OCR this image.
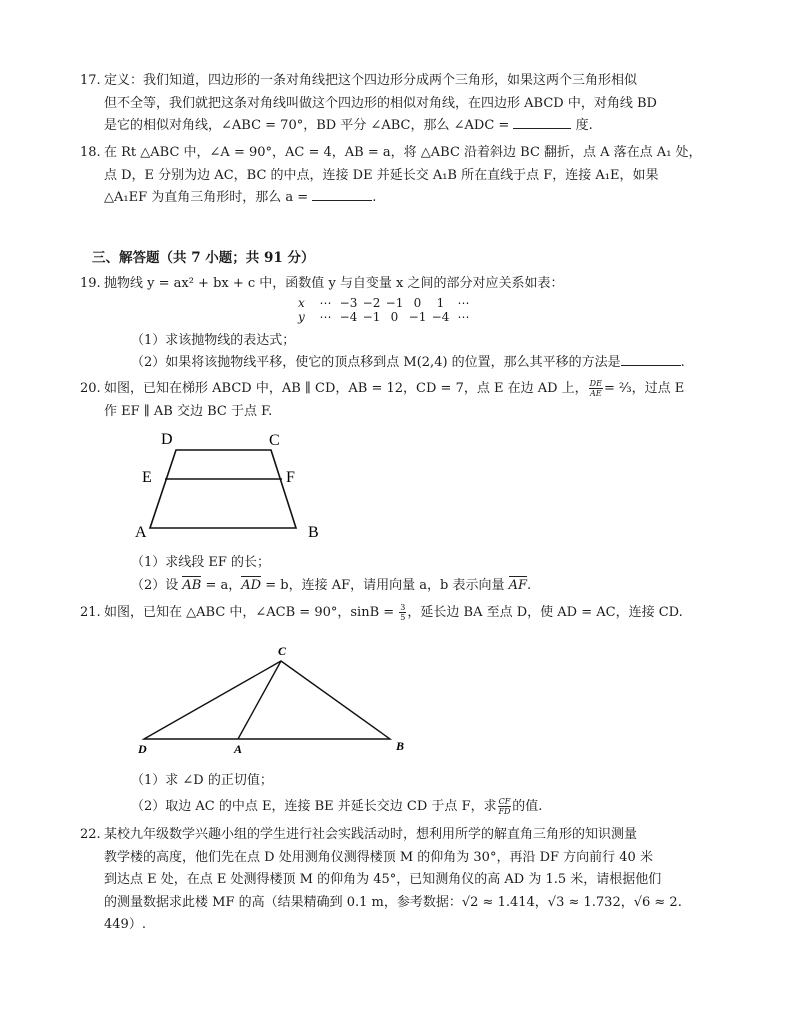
17. 定义：我们知道，四边形的一条对角线把这个四边形分成两个三角形，如果这两个三角形相似
但不全等，我们就把这条对角线叫做这个四边形的相似对角线，在四边形 ABCD 中，对角线 BD
是它的相似对角线，∠ABC = 70°，BD 平分 ∠ABC，那么 ∠ADC =	度.
18. 在 Rt △ABC 中，∠A = 90°，AC = 4，AB = a，将 △ABC 沿着斜边 BC 翻折，点 A 落在点 A₁ 处，
点 D，E 分别为边 AC，BC 的中点，连接 DE 并延长交 A₁B 所在直线于点 F，连接 A₁E，如果
△A₁EF 为直角三角形时，那么 a =	.
三、解答题（共 7 小题；共 91 分）
19. 抛物线 y = ax² + bx + c 中，函数值 y 与自变量 x 之间的部分对应关系如表：
x	⋯ −3 −2 −1 0	1	⋯
y	⋯ −4 −1 0 −1 −4 ⋯
（1）求该抛物线的表达式；
（2）如果将该抛物线平移，使它的顶点移到点 M(2,4) 的位置，那么其平移的方法是	.
20. 如图，已知在梯形 ABCD 中，AB ∥ CD，AB = 12，CD = 7，点 E 在边 AD 上， $\frac{DE}{AE}$ = ²⁄₃，过点 E
作 EF ∥ AB 交边 BC 于点 F.
D	C
E	F
A	B
（1）求线段 EF 的长；
（2）设 AB = a，AD = b，连接 AF，请用向量 a，b 表示向量 AF.
21. 如图，已知在 △ABC 中，∠ACB = 90°，$\sin B = \frac{3}{5}$ ，延长边 BA 至点 D，使 AD = AC，连接 CD.
C
D	A	B
（1）求 ∠D 的正切值；
（2）取边 AC 的中点 E，连接 BE 并延长交边 CD 于点 F，求 $\frac{CF}{FD}$ 的值.
22. 某校九年级数学兴趣小组的学生进行社会实践活动时，想利用所学的解直角三角形的知识测量
教学楼的高度，他们先在点 D 处用测角仪测得楼顶 M 的仰角为 30°，再沿 DF 方向前行 40 米
到达点 E 处，在点 E 处测得楼顶 M 的仰角为 45°，已知测角仪的高 AD 为 1.5 米，请根据他们
的测量数据求此楼 MF 的高（结果精确到 0.1 m，参考数据：√2 ≈ 1.414，√3 ≈ 1.732，√6 ≈ 2.
449）.
